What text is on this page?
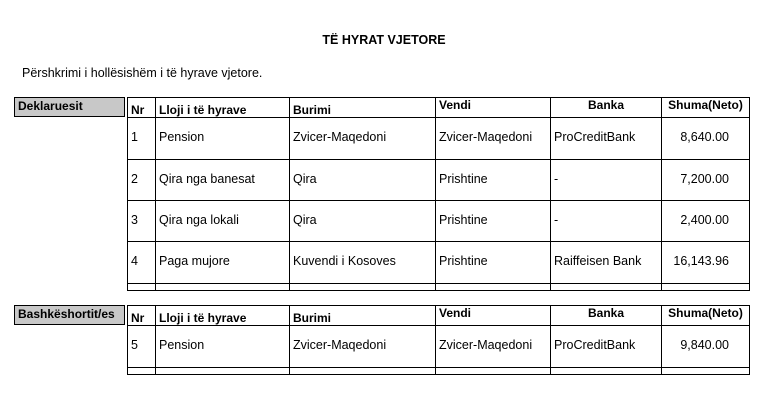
TË HYRAT VJETORE
Përshkrimi i hollësishëm i të hyrave vjetore.
Deklaruesit	Nr	Lloji i të hyrave	Burimi	Vendi	Banka	Shuma(Neto)
1	Pension	Zvicer-Maqedoni	Zvicer-Maqedoni	ProCreditBank	8,640.00
2	Qira nga banesat	Qira	Prishtine	-	7,200.00
3	Qira nga lokali	Qira	Prishtine	-	2,400.00
4	Paga mujore	Kuvendi i Kosoves	Prishtine	Raiffeisen Bank	16,143.96

Bashkëshortit/es	Nr	Lloji i të hyrave	Burimi	Vendi	Banka	Shuma(Neto)
5	Pension	Zvicer-Maqedoni	Zvicer-Maqedoni	ProCreditBank	9,840.00
